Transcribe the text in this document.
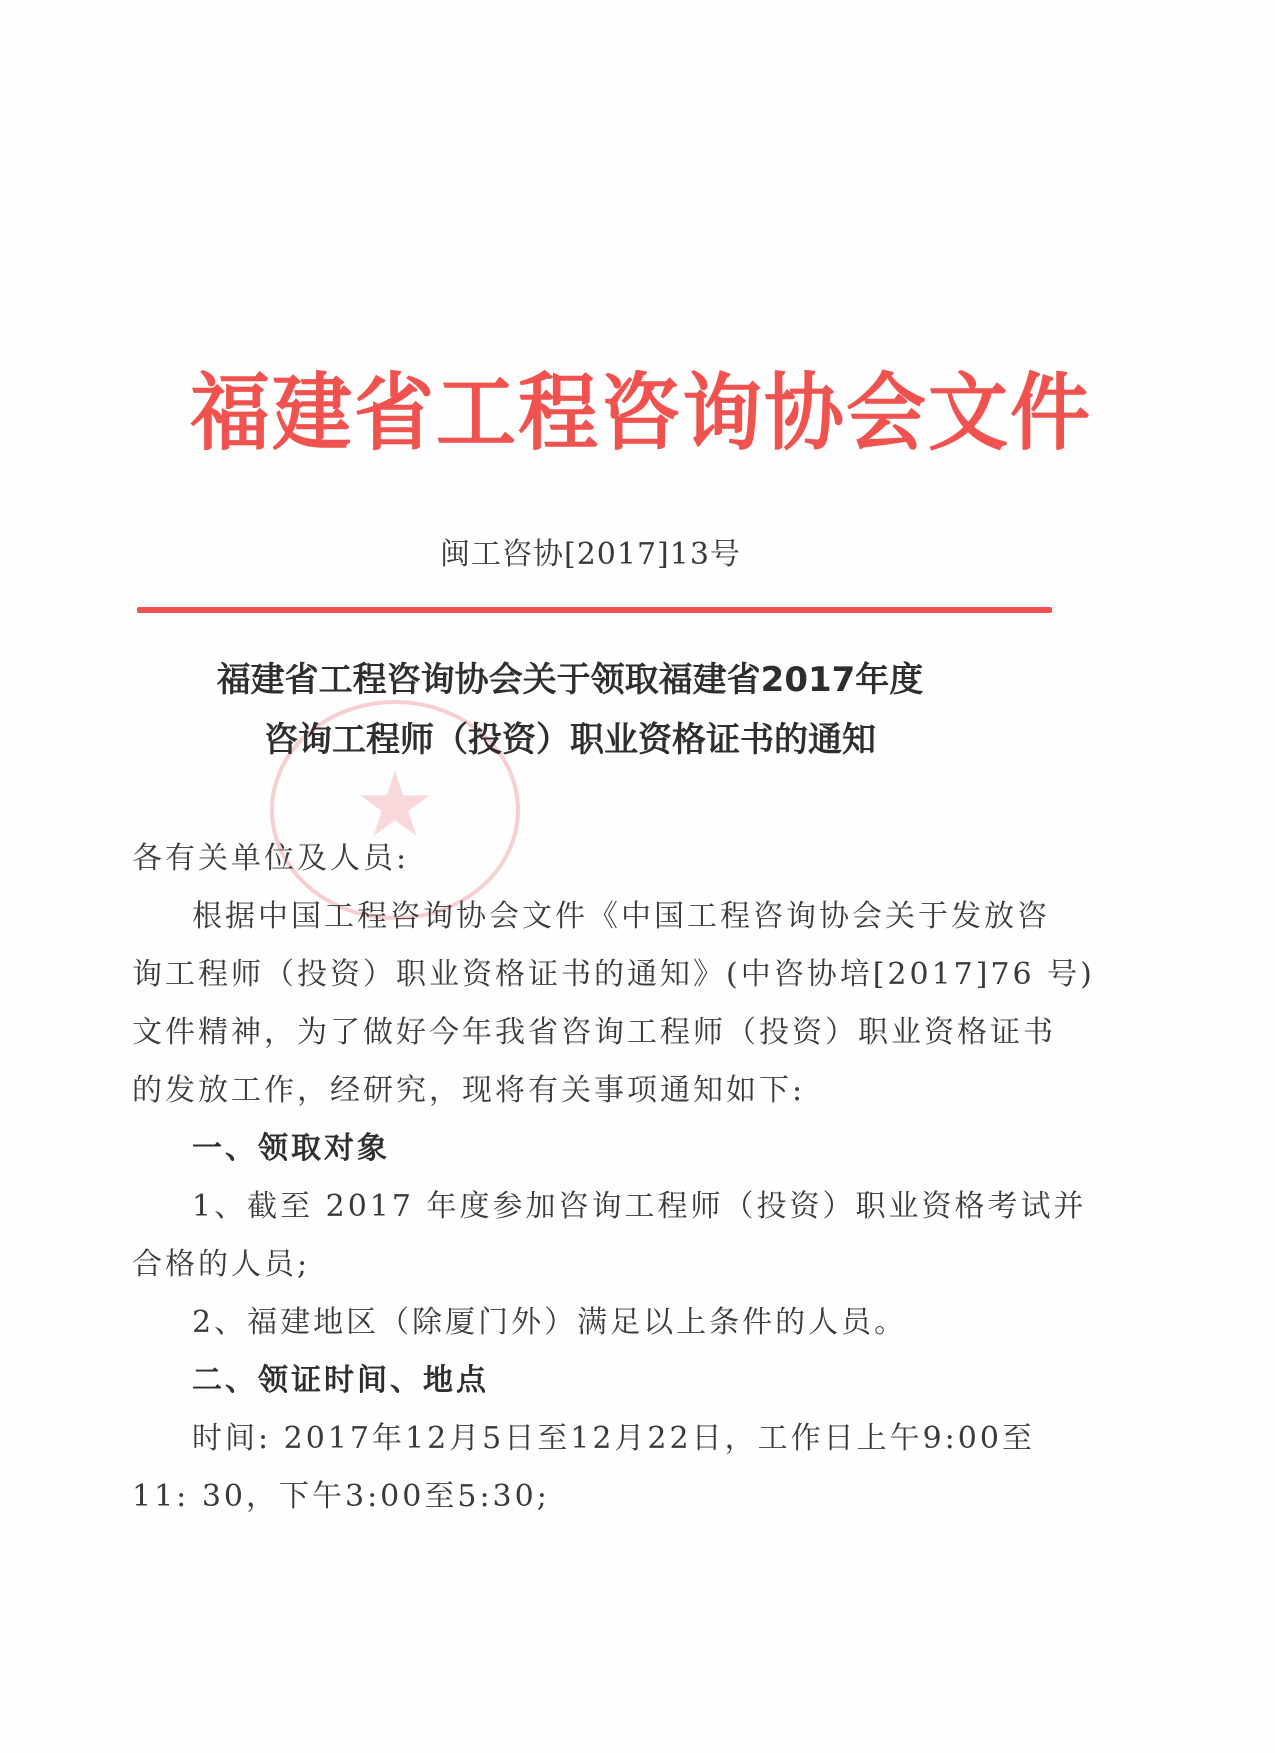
福建省工程咨询协会文件
闽工咨协[2017]13号
★
福建省工程咨询协会关于领取福建省2017年度
咨询工程师（投资）职业资格证书的通知

各有关单位及人员:

根据中国工程咨询协会文件《中国工程咨询协会关于发放咨

询工程师（投资）职业资格证书的通知》(中咨协培[2017]76 号)

文件精神，为了做好今年我省咨询工程师（投资）职业资格证书

的发放工作，经研究，现将有关事项通知如下:

一、领取对象

1、截至 2017 年度参加咨询工程师（投资）职业资格考试并

合格的人员;

2、福建地区（除厦门外）满足以上条件的人员。

二、领证时间、地点

时间: 2017年12月5日至12月22日，工作日上午9:00至

11: 30，下午3:00至5:30;
